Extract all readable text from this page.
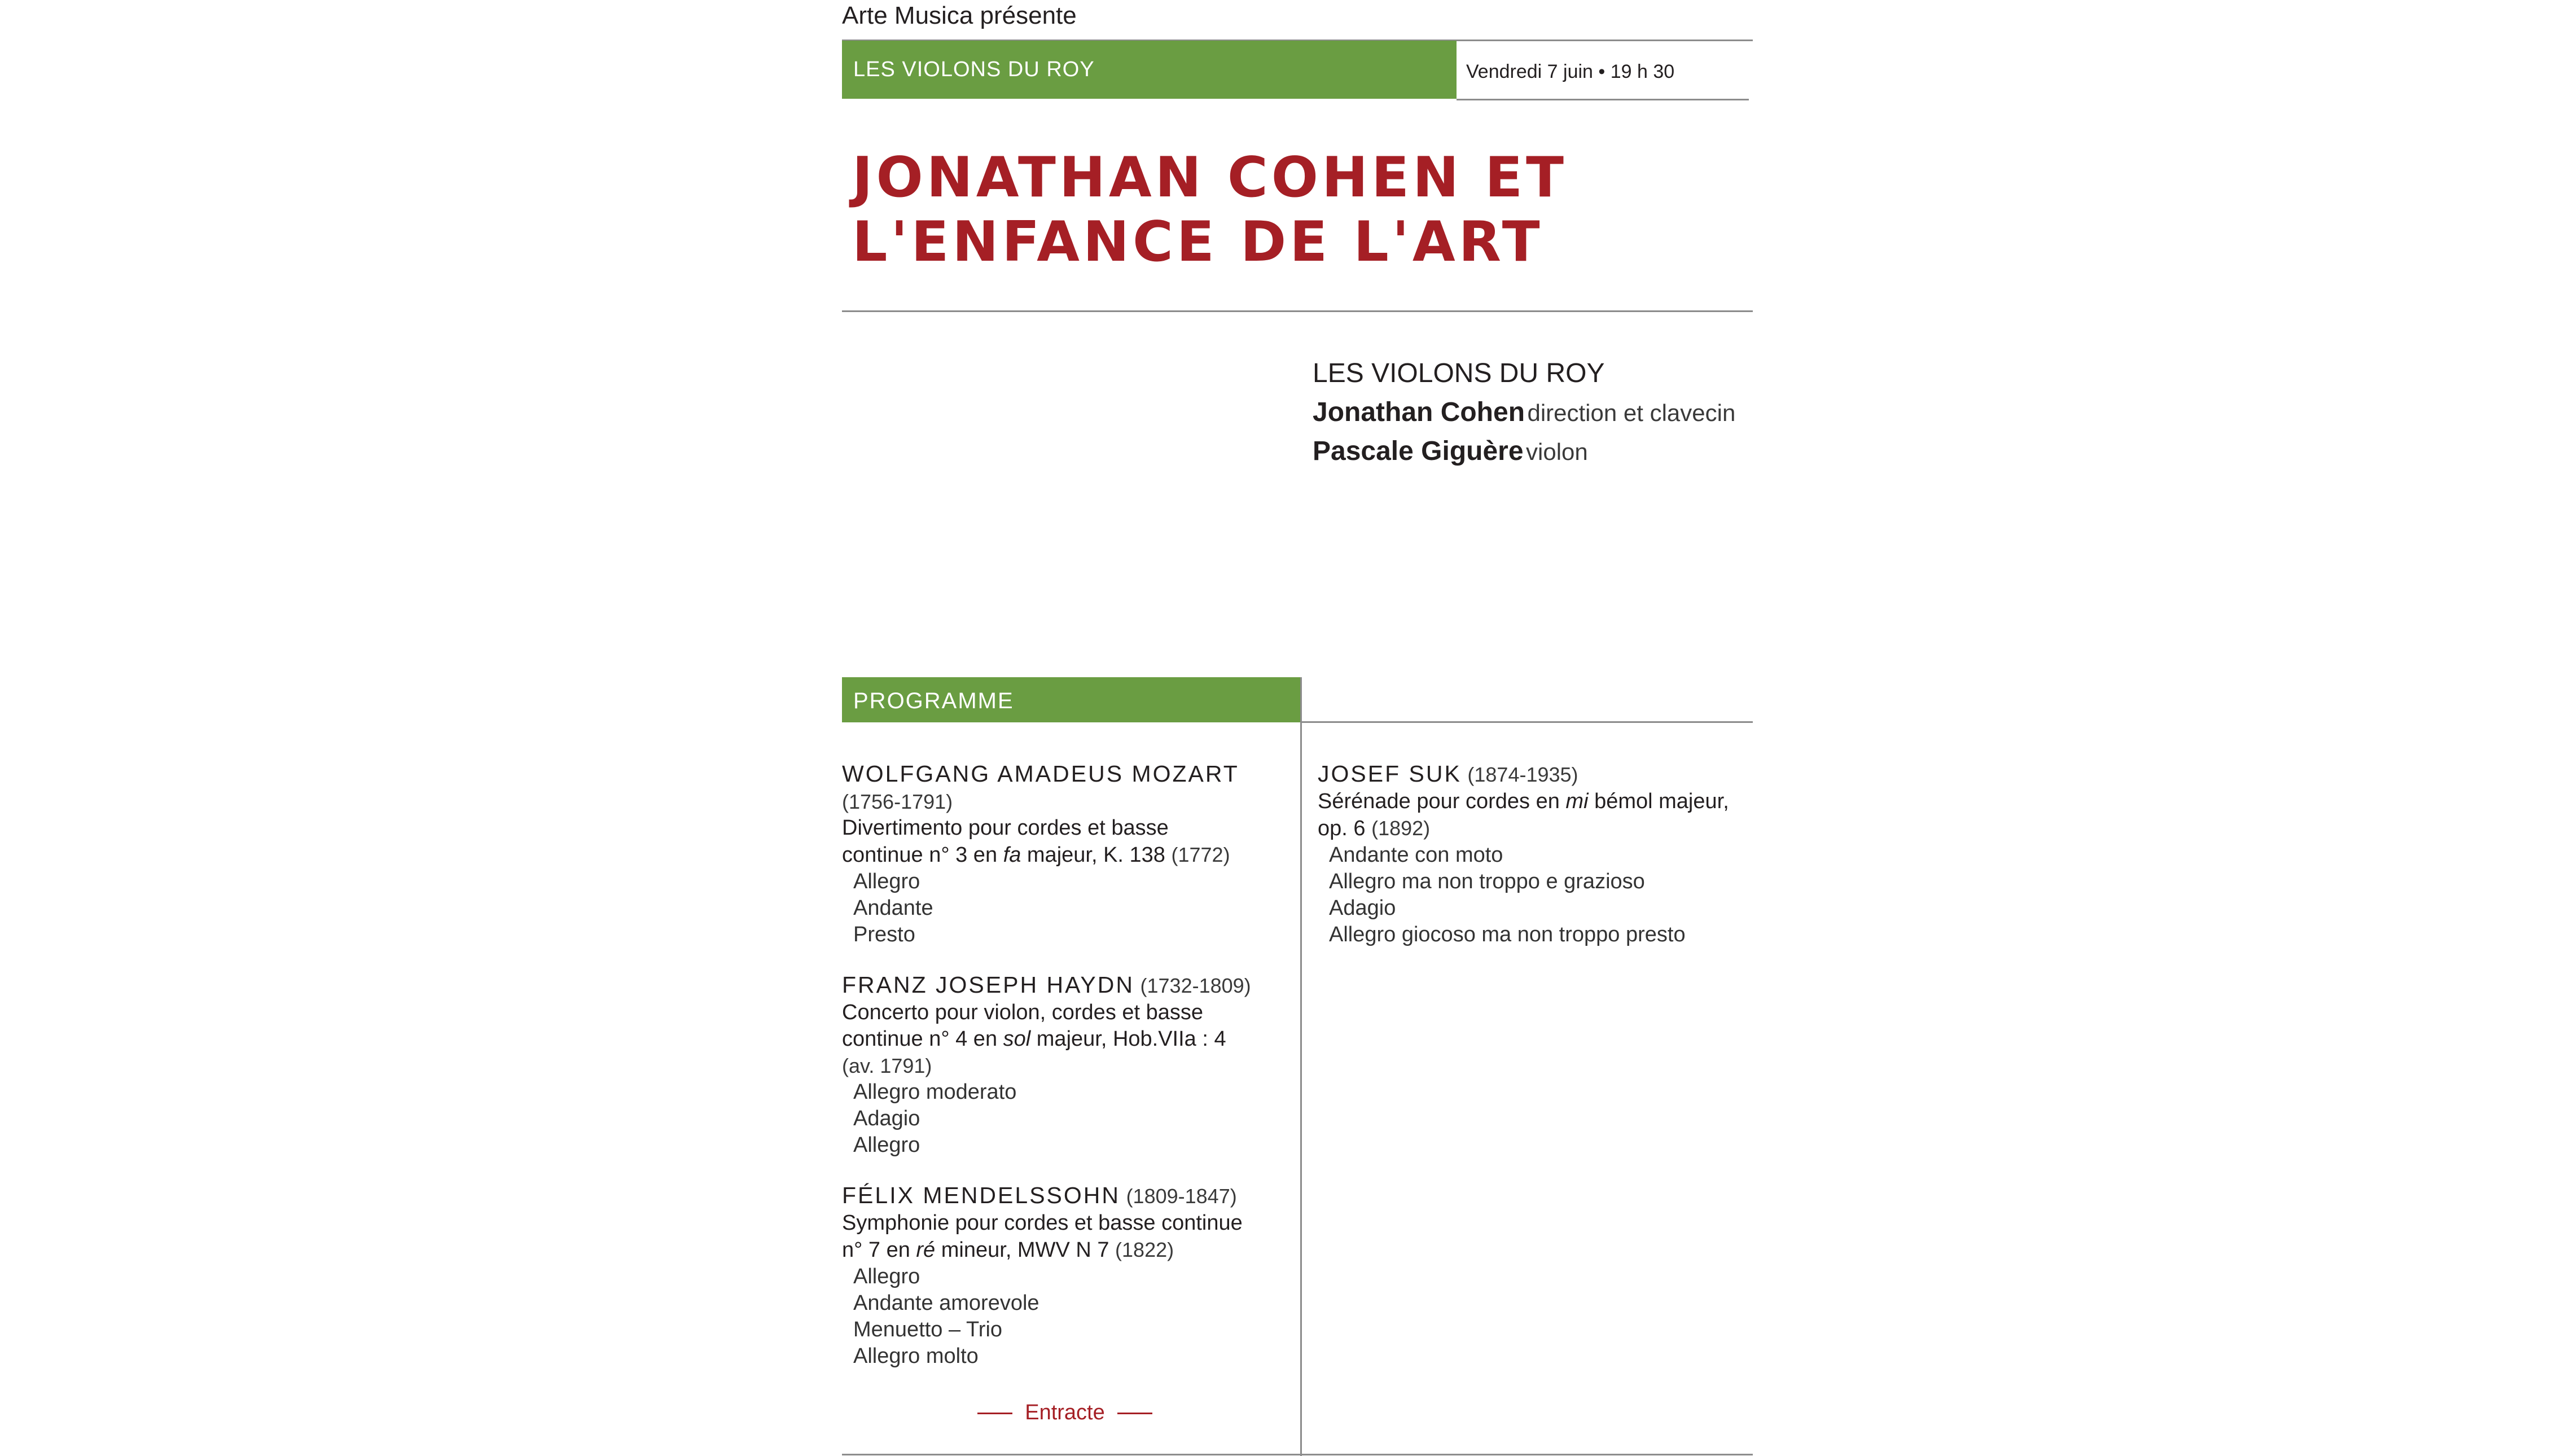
Arte Musica présente
LES VIOLONS DU ROY	Vendredi 7 juin • 19 h 30
JONATHAN COHEN ET
L'ENFANCE DE L'ART
LES VIOLONS DU ROY
Jonathan Cohen direction et clavecin
Pascale Giguère violon
PROGRAMME
WOLFGANG AMADEUS MOZART
(1756-1791)
Divertimento pour cordes et basse
continue n° 3 en fa majeur, K. 138 (1772)
Allegro
Andante
Presto
FRANZ JOSEPH HAYDN (1732-1809)
Concerto pour violon, cordes et basse
continue n° 4 en sol majeur, Hob.VIIa : 4
(av. 1791)
Allegro moderato
Adagio
Allegro
FÉLIX MENDELSSOHN (1809-1847)
Symphonie pour cordes et basse continue
n° 7 en ré mineur, MWV N 7 (1822)
Allegro
Andante amorevole
Menuetto – Trio
Allegro molto
Entracte
JOSEF SUK (1874-1935)
Sérénade pour cordes en mi bémol majeur,
op. 6 (1892)
Andante con moto
Allegro ma non troppo e grazioso
Adagio
Allegro giocoso ma non troppo presto
